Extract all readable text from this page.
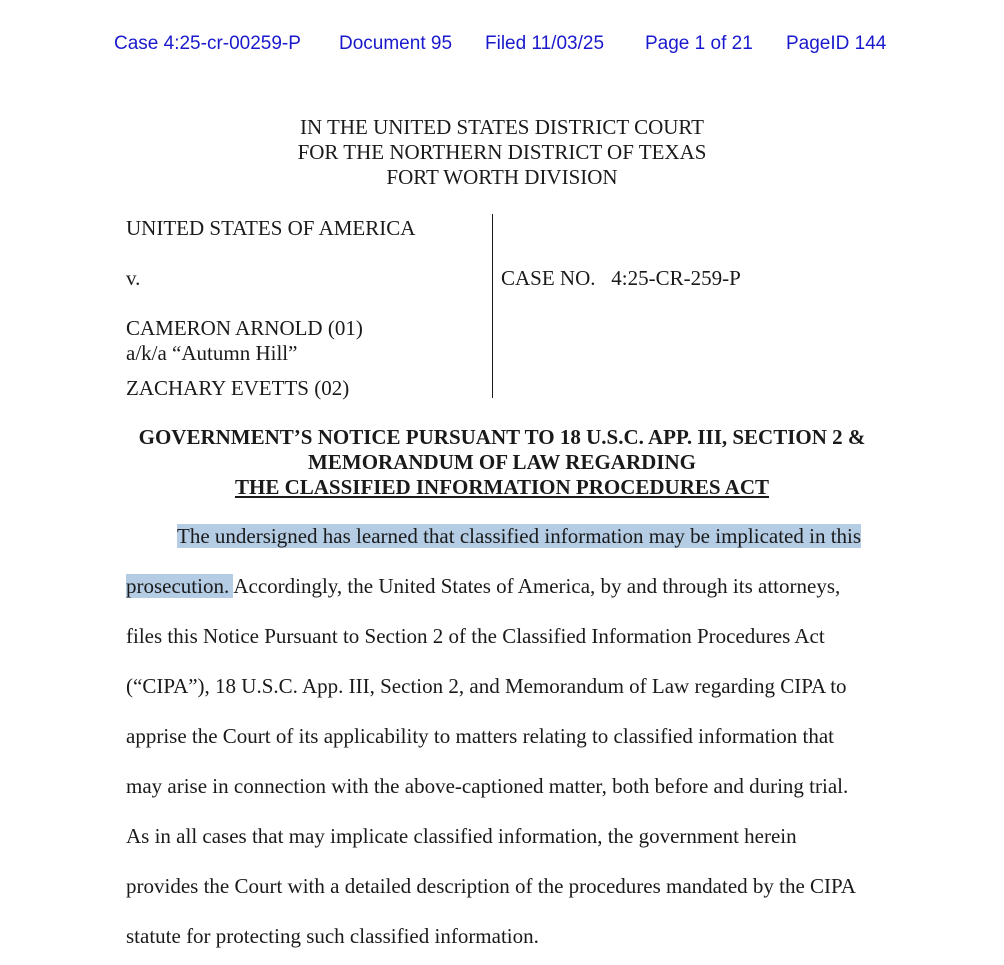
Case 4:25-cr-00259-P Document 95 Filed 11/03/25 Page 1 of 21 PageID 144
IN THE UNITED STATES DISTRICT COURT
FOR THE NORTHERN DISTRICT OF TEXAS
FORT WORTH DIVISION
UNITED STATES OF AMERICA
v.
CAMERON ARNOLD (01)
a/k/a “Autumn Hill”
ZACHARY EVETTS (02)
CASE NO. 4:25-CR-259-P
GOVERNMENT’S NOTICE PURSUANT TO 18 U.S.C. APP. III, SECTION 2 &
MEMORANDUM OF LAW REGARDING
THE CLASSIFIED INFORMATION PROCEDURES ACT
The undersigned has learned that classified information may be implicated in this
prosecution. Accordingly, the United States of America, by and through its attorneys,
files this Notice Pursuant to Section 2 of the Classified Information Procedures Act
(“CIPA”), 18 U.S.C. App. III, Section 2, and Memorandum of Law regarding CIPA to
apprise the Court of its applicability to matters relating to classified information that
may arise in connection with the above-captioned matter, both before and during trial.
As in all cases that may implicate classified information, the government herein
provides the Court with a detailed description of the procedures mandated by the CIPA
statute for protecting such classified information.
